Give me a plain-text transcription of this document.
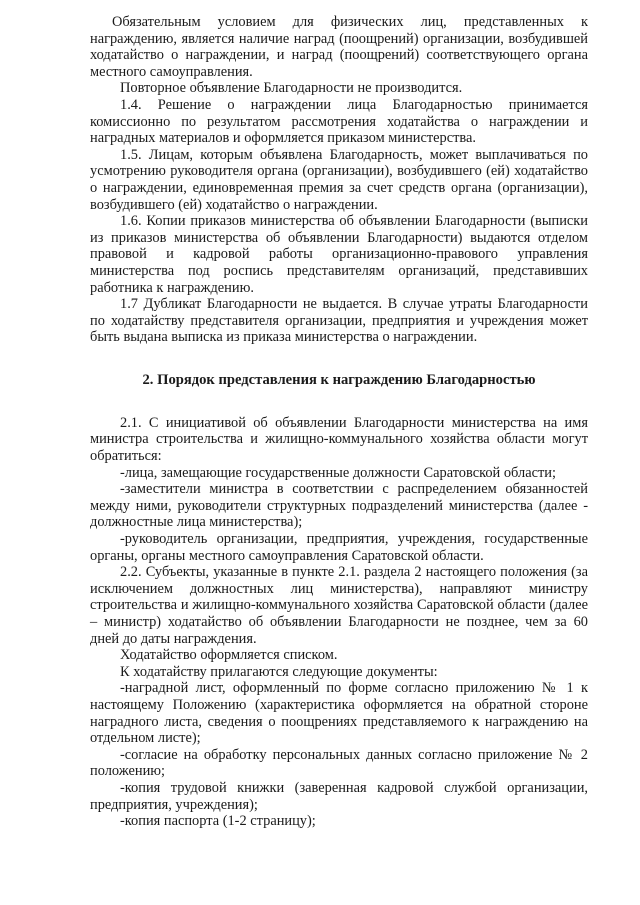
Обязательным условием для физических лиц, представленных к награждению, является наличие наград (поощрений) организации, возбудившей ходатайство о награждении, и наград (поощрений) соответствующего органа местного самоуправления.

Повторное объявление Благодарности не производится.

1.4. Решение о награждении лица Благодарностью принимается комиссионно по результатом рассмотрения ходатайства о награждении и наградных материалов и оформляется приказом министерства.

1.5. Лицам, которым объявлена Благодарность, может выплачиваться по усмотрению руководителя органа (организации), возбудившего (ей) ходатайство о награждении, единовременная премия за счет средств органа (организации), возбудившего (ей) ходатайство о награждении.

1.6. Копии приказов министерства об объявлении Благодарности (выписки из приказов министерства об объявлении Благодарности) выдаются отделом правовой и кадровой работы организационно-правового управления министерства под роспись представителям организаций, представивших работника к награждению.

1.7 Дубликат Благодарности не выдается. В случае утраты Благодарности по ходатайству представителя организации, предприятия и учреждения может быть выдана выписка из приказа министерства о награждении.

2. Порядок представления к награждению Благодарностью

2.1. С инициативой об объявлении Благодарности министерства на имя министра строительства и жилищно-коммунального хозяйства области могут обратиться:

-лица, замещающие государственные должности Саратовской области;

-заместители министра в соответствии с распределением обязанностей между ними, руководители структурных подразделений министерства (далее - должностные лица министерства);

-руководитель организации, предприятия, учреждения, государственные органы, органы местного самоуправления Саратовской области.

2.2. Субъекты, указанные в пункте 2.1. раздела 2 настоящего положения (за исключением должностных лиц министерства), направляют министру строительства и жилищно-коммунального хозяйства Саратовской области (далее – министр) ходатайство об объявлении Благодарности не позднее, чем за 60 дней до даты награждения.

Ходатайство оформляется списком.

К ходатайству прилагаются следующие документы:

-наградной лист, оформленный по форме согласно приложению № 1 к настоящему Положению (характеристика оформляется на обратной стороне наградного листа, сведения о поощрениях представляемого к награждению на отдельном листе);

-согласие на обработку персональных данных согласно приложение № 2 положению;

-копия трудовой книжки (заверенная кадровой службой организации, предприятия, учреждения);

-копия паспорта (1-2 страницу);
